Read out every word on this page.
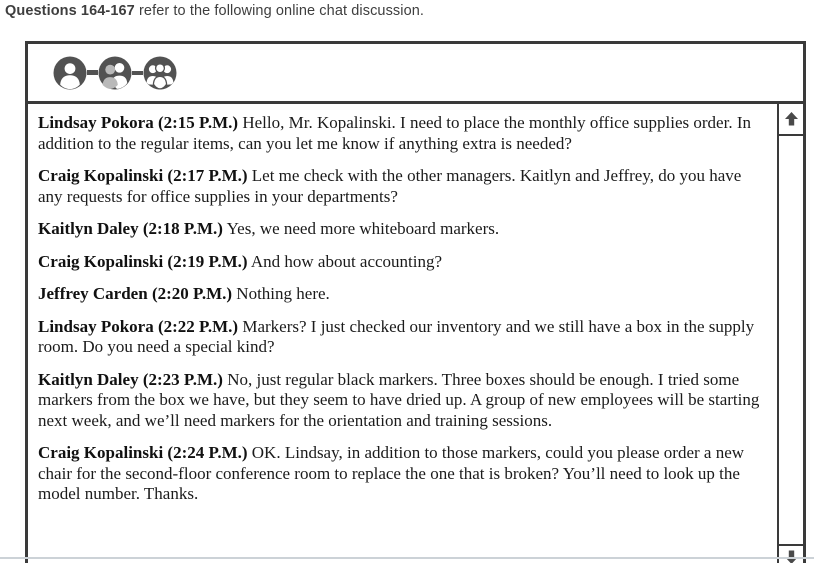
Questions 164-167 refer to the following online chat discussion.

Lindsay Pokora (2:15 P.M.) Hello, Mr. Kopalinski. I need to place the monthly office supplies order. In addition to the regular items, can you let me know if anything extra is needed?

Craig Kopalinski (2:17 P.M.) Let me check with the other managers. Kaitlyn and Jeffrey, do you have any requests for office supplies in your departments?

Kaitlyn Daley (2:18 P.M.) Yes, we need more whiteboard markers.

Craig Kopalinski (2:19 P.M.) And how about accounting?

Jeffrey Carden (2:20 P.M.) Nothing here.

Lindsay Pokora (2:22 P.M.) Markers? I just checked our inventory and we still have a box in the supply room. Do you need a special kind?

Kaitlyn Daley (2:23 P.M.) No, just regular black markers. Three boxes should be enough. I tried some markers from the box we have, but they seem to have dried up. A group of new employees will be starting next week, and we’ll need markers for the orientation and training sessions.

Craig Kopalinski (2:24 P.M.) OK. Lindsay, in addition to those markers, could you please order a new chair for the second-floor conference room to replace the one that is broken? You’ll need to look up the model number. Thanks.
